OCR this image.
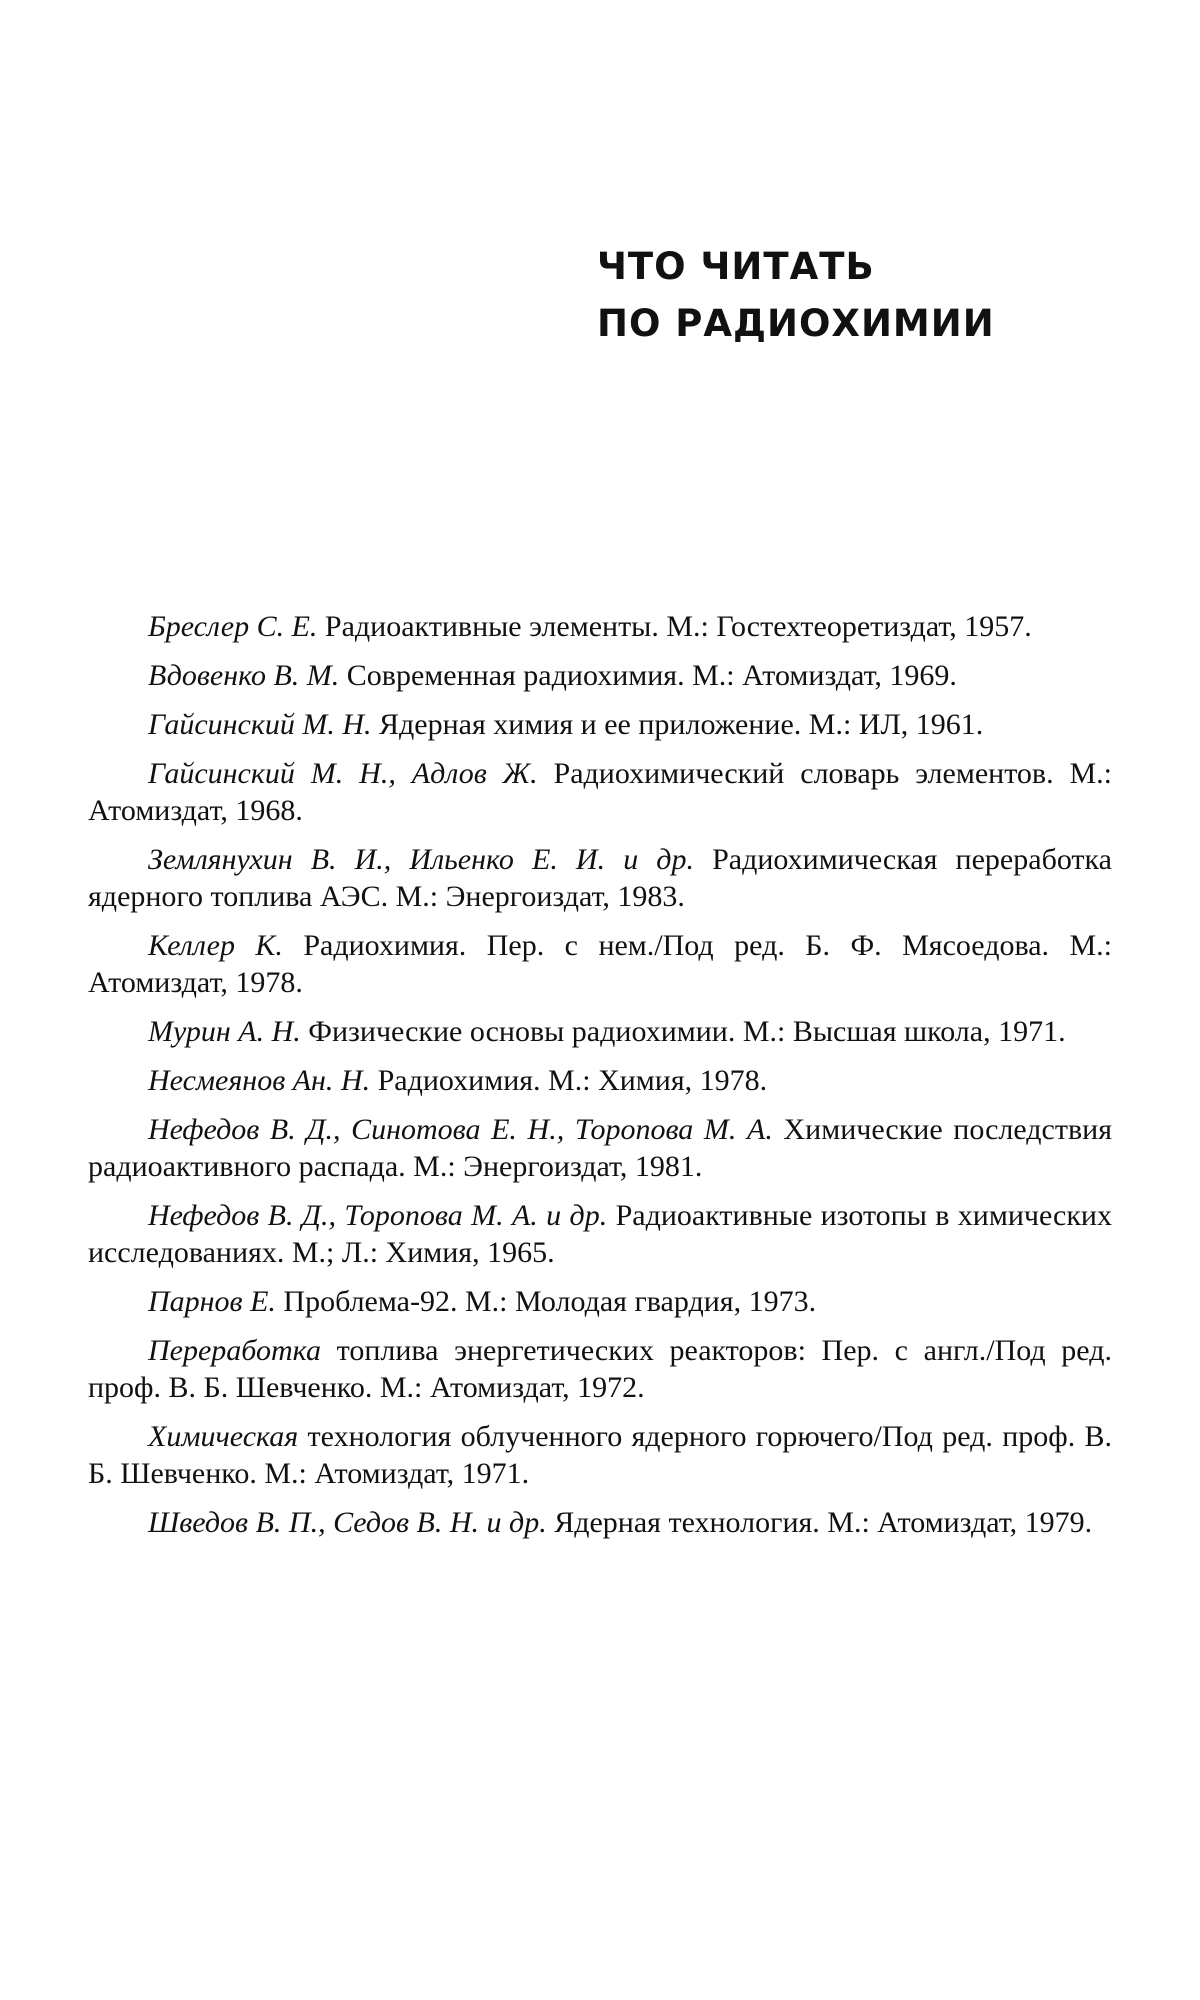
ЧТО ЧИТАТЬ
ПО РАДИОХИМИИ
Бреслер С. Е. Радиоактивные элементы. М.: Гостехтеоретиздат, 1957.
Вдовенко В. М. Современная радиохимия. М.: Атомиздат, 1969.
Гайсинский М. Н. Ядерная химия и ее приложение. М.: ИЛ, 1961.
Гайсинский М. Н., Адлов Ж. Радиохимический словарь элементов. М.: Атомиздат, 1968.
Землянухин В. И., Ильенко Е. И. и др. Радиохимическая переработка ядерного топлива АЭС. М.: Энергоиздат, 1983.
Келлер К. Радиохимия. Пер. с нем./Под ред. Б. Ф. Мясоедова. М.: Атомиздат, 1978.
Мурин А. Н. Физические основы радиохимии. М.: Высшая школа, 1971.
Несмеянов Ан. Н. Радиохимия. М.: Химия, 1978.
Нефедов В. Д., Синотова Е. Н., Торопова М. А. Химические последствия радиоактивного распада. М.: Энергоиздат, 1981.
Нефедов В. Д., Торопова М. А. и др. Радиоактивные изотопы в химических исследованиях. М.; Л.: Химия, 1965.
Парнов Е. Проблема-92. М.: Молодая гвардия, 1973.
Переработка топлива энергетических реакторов: Пер. с англ./Под ред. проф. В. Б. Шевченко. М.: Атомиздат, 1972.
Химическая технология облученного ядерного горючего/Под ред. проф. В. Б. Шевченко. М.: Атомиздат, 1971.
Шведов В. П., Седов В. Н. и др. Ядерная технология. М.: Атомиздат, 1979.
